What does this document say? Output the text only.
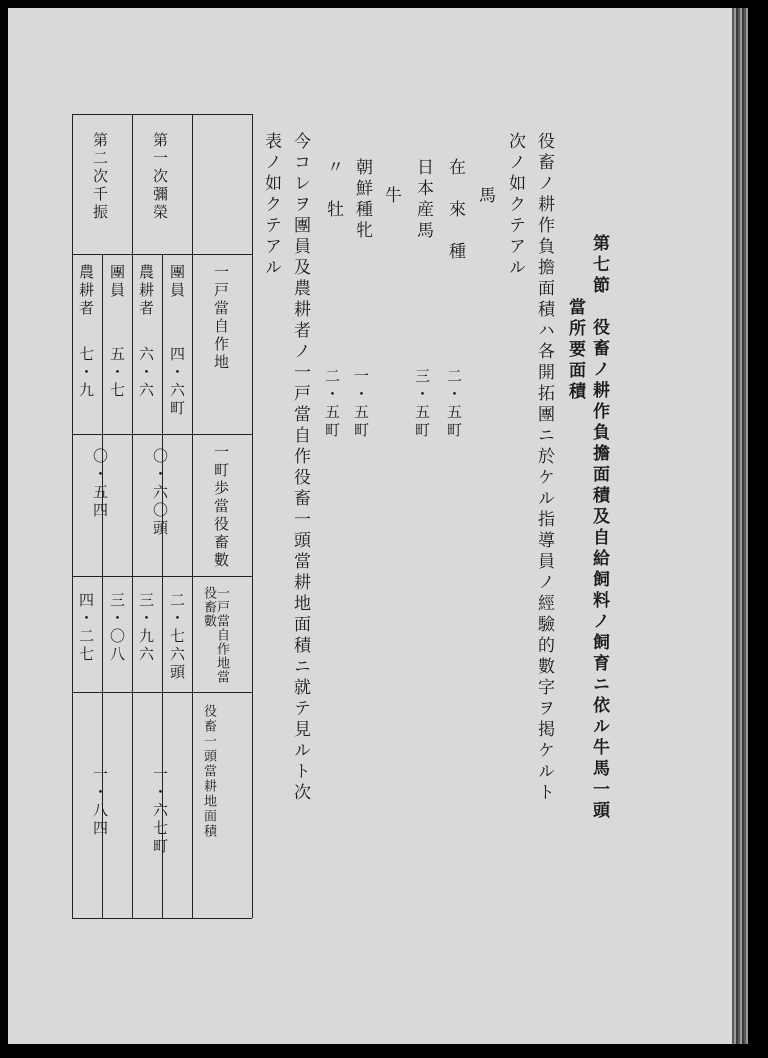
第七節　役畜ノ耕作負擔面積及自給飼料ノ飼育ニ依ル牛馬一頭
當所要面積
役畜ノ耕作負擔面積ハ各開拓團ニ於ケル指導員ノ經驗的數字ヲ掲ケルト
次ノ如クテアル
馬
在　來　種
二・五町
日本産馬
三・五町
牛
朝鮮種牝
一・五町
〃　牡
二・五町
今コレヲ團員及農耕者ノ一戸當自作役畜一頭當耕地面積ニ就テ見ルト次
表ノ如クテアル
一戸當自作地
一町歩當役畜數
一戸當自作地當役畜數
役畜一頭當耕地面積
第一次彌榮
團員
農耕者
四・六町
六・六
〇・六〇頭
二・七六頭
三・九六
一・六七町
第二次千振
團員
農耕者
五・七
七・九
〇・五四
三・〇八
四・二七
一・八四
